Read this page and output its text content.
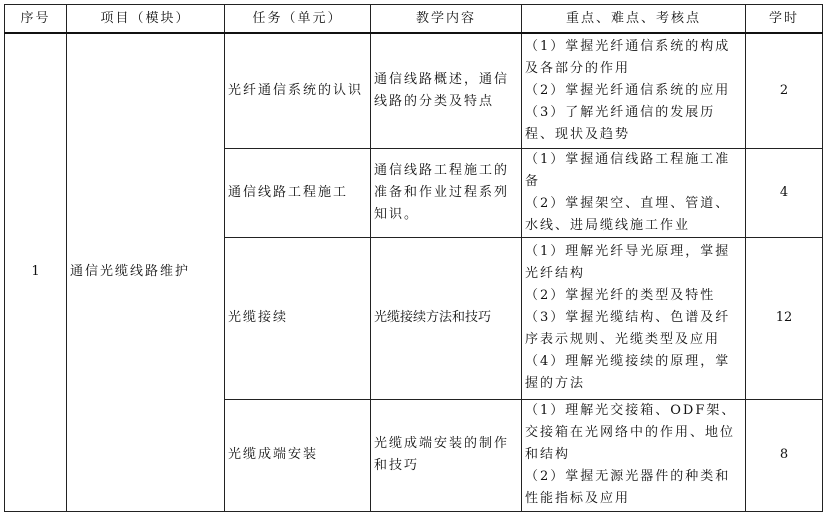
序号	项目（模块）	任务（单元）	教学内容	重点、难点、考核点	学时
1	通信光缆线路维护	光纤通信系统的认识	通信线路概述，通信线路的分类及特点	（1）掌握光纤通信系统的构成及各部分的作用
（2）掌握光纤通信系统的应用
（3）了解光纤通信的发展历程、现状及趋势	2
		通信线路工程施工	通信线路工程施工的准备和作业过程系列知识。	（1）掌握通信线路工程施工准备
（2）掌握架空、直埋、管道、水线、进局缆线施工作业	4
		光缆接续	光缆接续方法和技巧	（1）理解光纤导光原理，掌握光纤结构
（2）掌握光纤的类型及特性
（3）掌握光缆结构、色谱及纤序表示规则、光缆类型及应用
（4）理解光缆接续的原理，掌握的方法	12
		光缆成端安装	光缆成端安装的制作和技巧	（1）理解光交接箱、ODF架、交接箱在光网络中的作用、地位和结构
（2）掌握无源光器件的种类和性能指标及应用	8
